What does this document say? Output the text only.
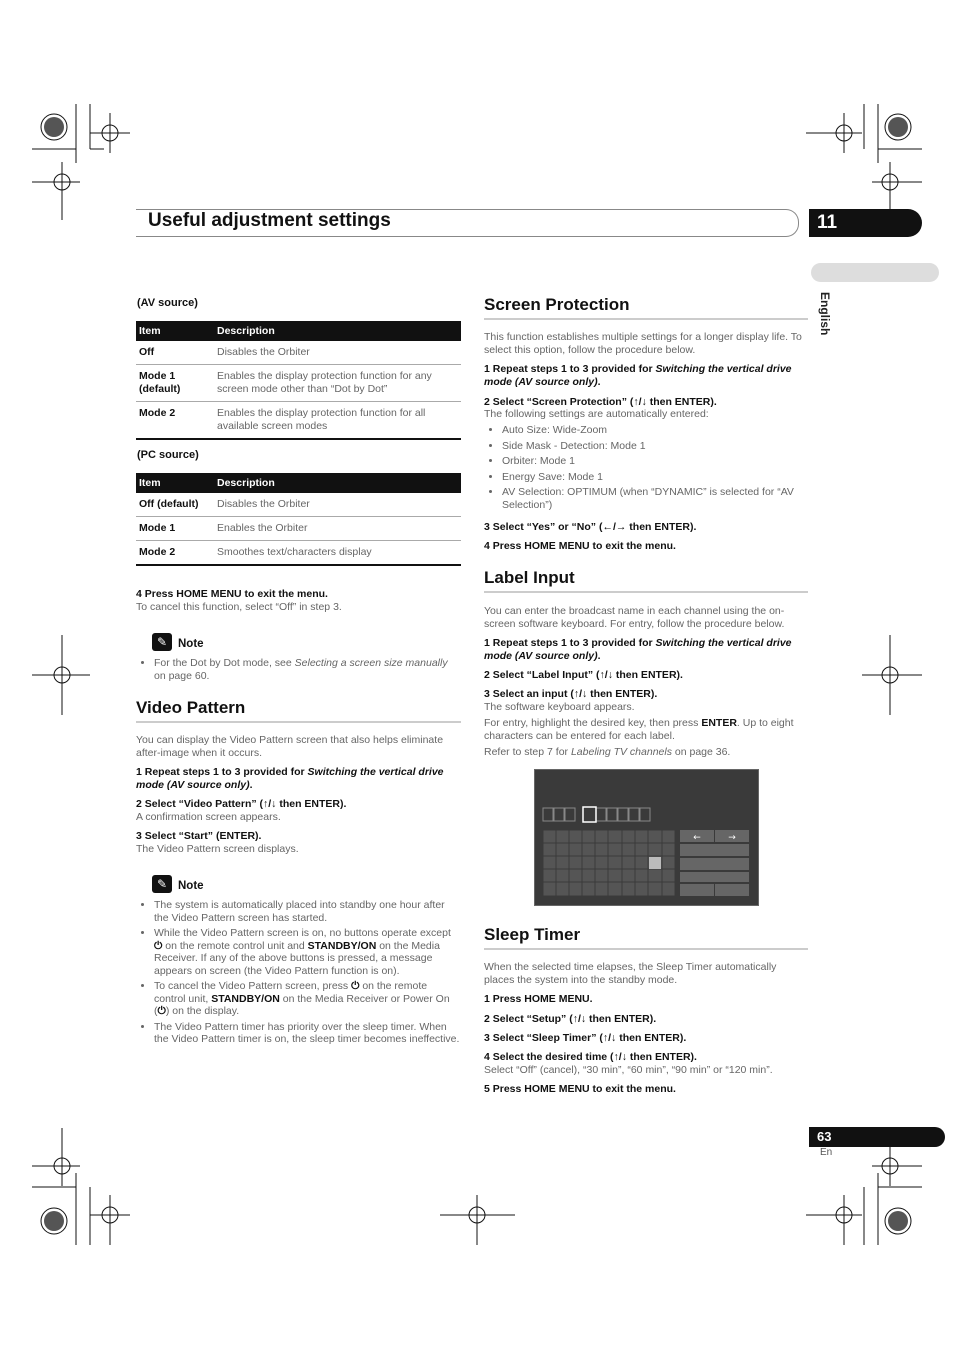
Useful adjustment settings	11
English
(AV source)
Item	Description
Off	Disables the Orbiter
Mode 1 (default)	Enables the display protection function for any screen mode other than “Dot by Dot”
Mode 2	Enables the display protection function for all available screen modes
(PC source)
Item	Description
Off (default)	Disables the Orbiter
Mode 1	Enables the Orbiter
Mode 2	Smoothes text/characters display
4 Press HOME MENU to exit the menu.
To cancel this function, select “Off” in step 3.
✎ Note
• For the Dot by Dot mode, see Selecting a screen size manually on page 60.
Video Pattern
You can display the Video Pattern screen that also helps eliminate after-image when it occurs.
1 Repeat steps 1 to 3 provided for Switching the vertical drive mode (AV source only).
2 Select “Video Pattern” (↑/↓ then ENTER).
A confirmation screen appears.
3 Select “Start” (ENTER).
The Video Pattern screen displays.
✎ Note
• The system is automatically placed into standby one hour after the Video Pattern screen has started.
• While the Video Pattern screen is on, no buttons operate except ⏻ on the remote control unit and STANDBY/ON on the Media Receiver. If any of the above buttons is pressed, a message appears on screen (the Video Pattern function is on).
• To cancel the Video Pattern screen, press ⏻ on the remote control unit, STANDBY/ON on the Media Receiver or Power On (⏻) on the display.
• The Video Pattern timer has priority over the sleep timer. When the Video Pattern timer is on, the sleep timer becomes ineffective.
Screen Protection
This function establishes multiple settings for a longer display life. To select this option, follow the procedure below.
1 Repeat steps 1 to 3 provided for Switching the vertical drive mode (AV source only).
2 Select “Screen Protection” (↑/↓ then ENTER).
The following settings are automatically entered:
• Auto Size: Wide-Zoom
• Side Mask - Detection: Mode 1
• Orbiter: Mode 1
• Energy Save: Mode 1
• AV Selection: OPTIMUM (when “DYNAMIC” is selected for “AV Selection”)
3 Select “Yes” or “No” (←/→ then ENTER).
4 Press HOME MENU to exit the menu.
Label Input
You can enter the broadcast name in each channel using the on-screen software keyboard. For entry, follow the procedure below.
1 Repeat steps 1 to 3 provided for Switching the vertical drive mode (AV source only).
2 Select “Label Input” (↑/↓ then ENTER).
3 Select an input (↑/↓ then ENTER).
The software keyboard appears.
For entry, highlight the desired key, then press ENTER. Up to eight characters can be entered for each label.
Refer to step 7 for Labeling TV channels on page 36.
←	→
Sleep Timer
When the selected time elapses, the Sleep Timer automatically places the system into the standby mode.
1 Press HOME MENU.
2 Select “Setup” (↑/↓ then ENTER).
3 Select “Sleep Timer” (↑/↓ then ENTER).
4 Select the desired time (↑/↓ then ENTER).
Select “Off” (cancel), “30 min”, “60 min”, “90 min” or “120 min”.
5 Press HOME MENU to exit the menu.
63
En
